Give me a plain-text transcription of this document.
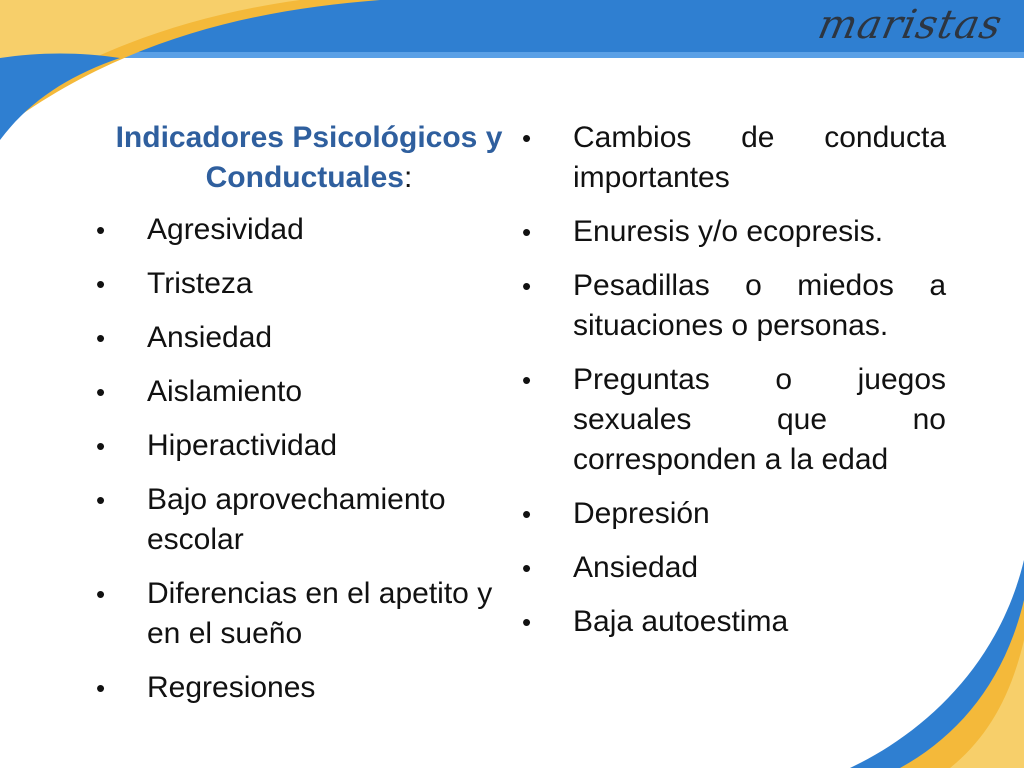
maristas
Indicadores Psicológicos y Conductuales:
• Agresividad
• Tristeza
• Ansiedad
• Aislamiento
• Hiperactividad
• Bajo aprovechamiento escolar
• Diferencias en el apetito y en el sueño
• Regresiones
• Cambios de conducta importantes
• Enuresis y/o ecopresis.
• Pesadillas o miedos a situaciones o personas.
• Preguntas o juegos sexuales que no corresponden a la edad
• Depresión
• Ansiedad
• Baja autoestima
